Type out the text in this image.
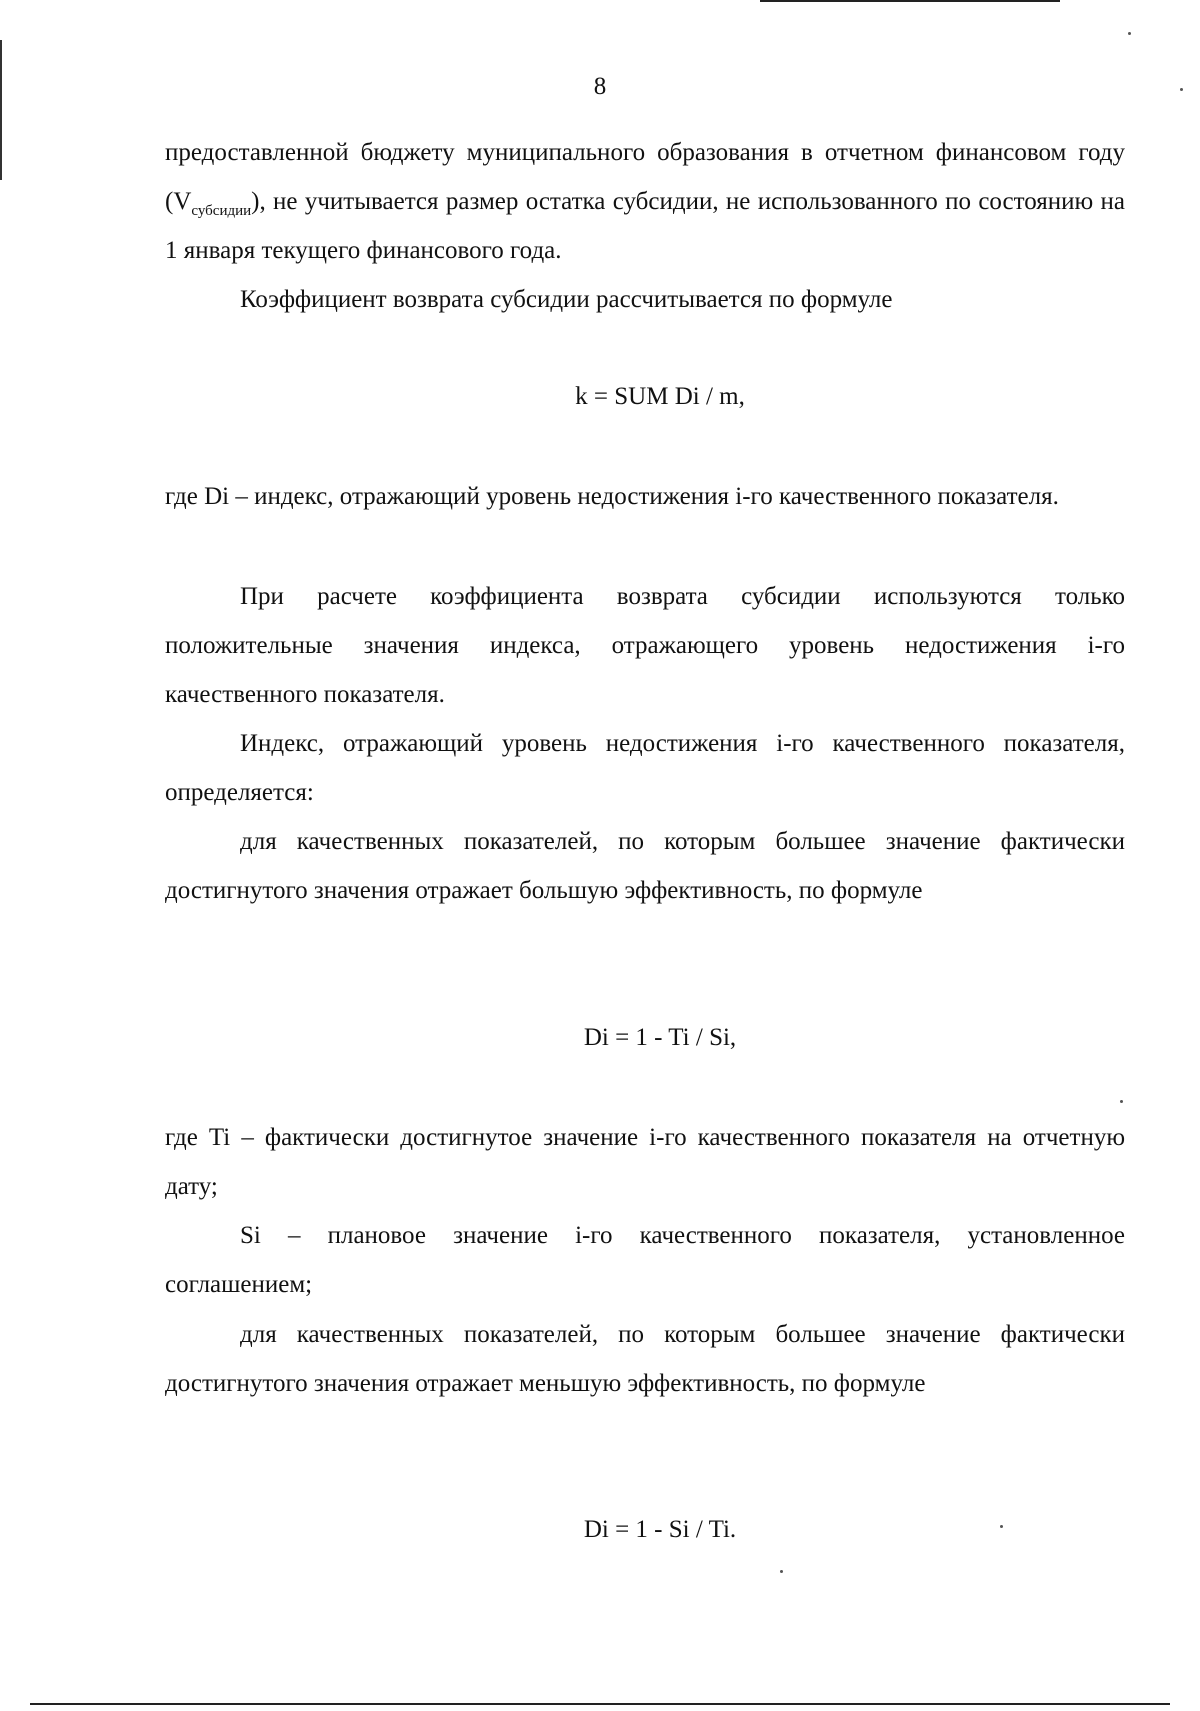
8

предоставленной бюджету муниципального образования в отчетном финансовом году $(V_{субсидии})$, не учитывается размер остатка субсидии, не использованного по состоянию на 1 января текущего финансового года.

Коэффициент возврата субсидии рассчитывается по формуле

k = SUM Di / m,

где Di – индекс, отражающий уровень недостижения i-го качественного показателя.

При расчете коэффициента возврата субсидии используются только положительные значения индекса, отражающего уровень недостижения i-го качественного показателя.

Индекс, отражающий уровень недостижения i-го качественного показателя, определяется:

для качественных показателей, по которым большее значение фактически достигнутого значения отражает большую эффективность, по формуле

Di = 1 - Ti / Si,

где Ti – фактически достигнутое значение i-го качественного показателя на отчетную дату;

Si – плановое значение i-го качественного показателя, установленное соглашением;

для качественных показателей, по которым большее значение фактически достигнутого значения отражает меньшую эффективность, по формуле

Di = 1 - Si / Ti.
